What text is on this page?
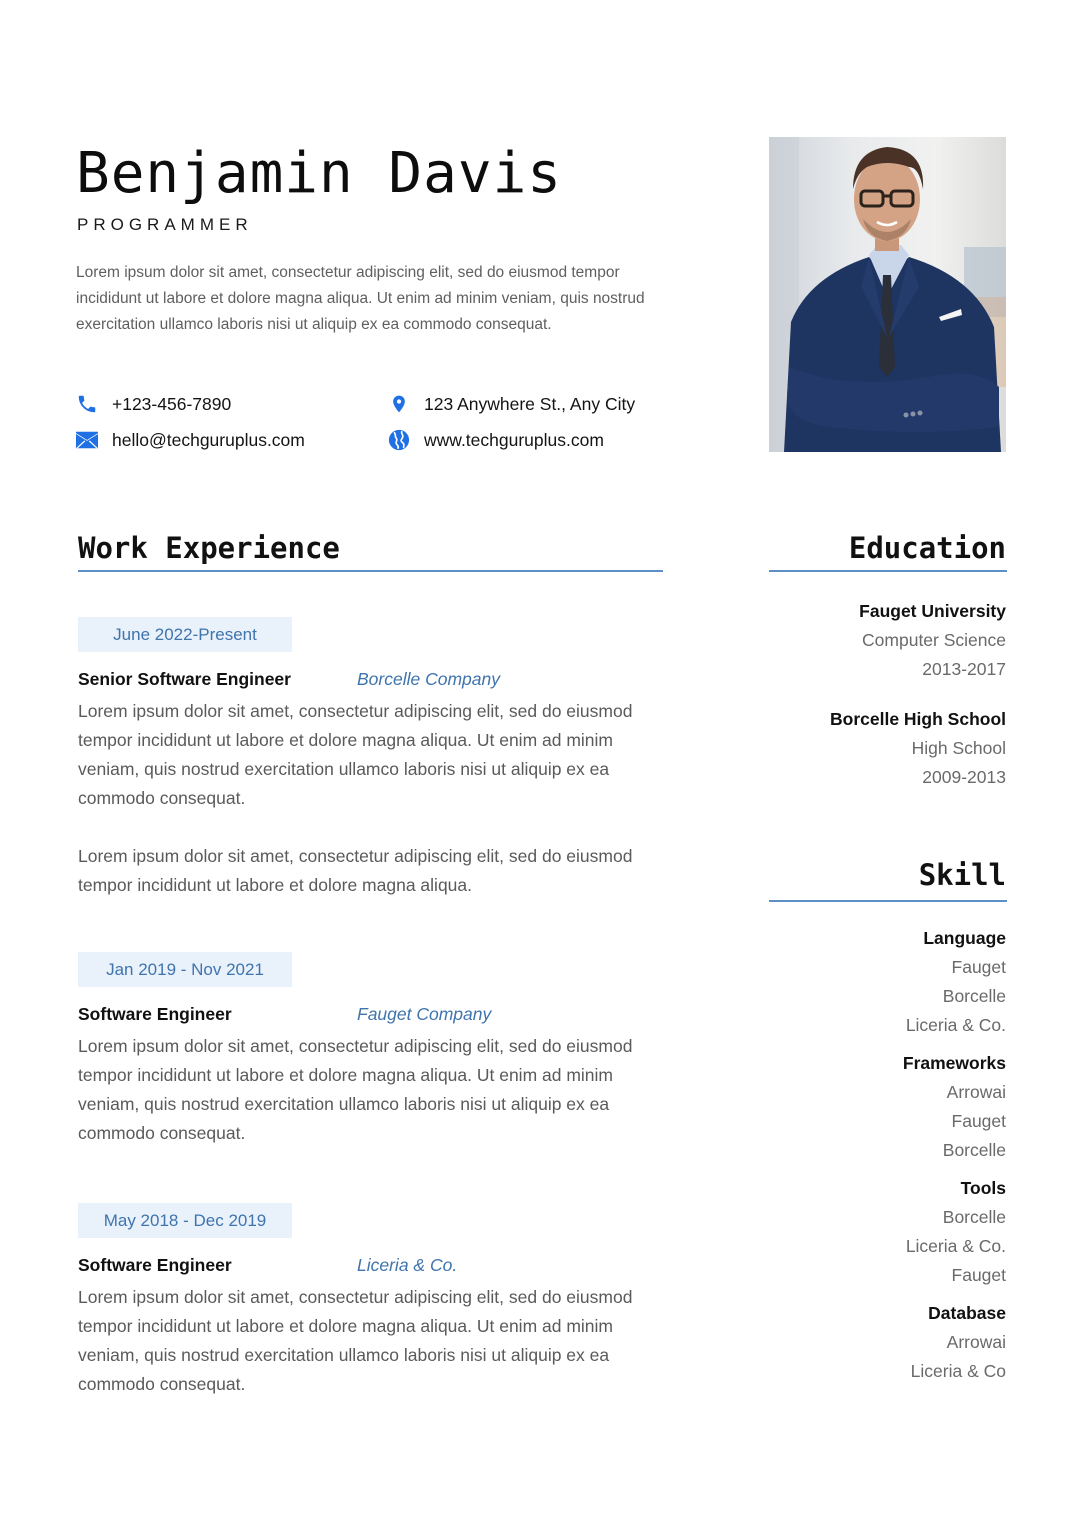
Benjamin Davis
PROGRAMMER

Lorem ipsum dolor sit amet, consectetur adipiscing elit, sed do eiusmod tempor incididunt ut labore et dolore magna aliqua. Ut enim ad minim veniam, quis nostrud exercitation ullamco laboris nisi ut aliquip ex ea commodo consequat.

+123-456-7890
hello@techguruplus.com
123 Anywhere St., Any City
www.techguruplus.com
Work Experience	Education
Skill
June 2022-Present
Senior Software Engineer	Borcelle Company

Lorem ipsum dolor sit amet, consectetur adipiscing elit, sed do eiusmod tempor incididunt ut labore et dolore magna aliqua. Ut enim ad minim veniam, quis nostrud exercitation ullamco laboris nisi ut aliquip ex ea commodo consequat.

Lorem ipsum dolor sit amet, consectetur adipiscing elit, sed do eiusmod tempor incididunt ut labore et dolore magna aliqua.

Jan 2019 - Nov 2021
Software Engineer	Fauget Company

Lorem ipsum dolor sit amet, consectetur adipiscing elit, sed do eiusmod tempor incididunt ut labore et dolore magna aliqua. Ut enim ad minim veniam, quis nostrud exercitation ullamco laboris nisi ut aliquip ex ea commodo consequat.

May 2018 - Dec 2019
Software Engineer	Liceria & Co.

Lorem ipsum dolor sit amet, consectetur adipiscing elit, sed do eiusmod tempor incididunt ut labore et dolore magna aliqua. Ut enim ad minim veniam, quis nostrud exercitation ullamco laboris nisi ut aliquip ex ea commodo consequat.

Fauget University
Computer Science
2013-2017
Borcelle High School
High School
2009-2013
Language
Fauget
Borcelle
Liceria & Co.
Frameworks
Arrowai
Fauget
Borcelle
Tools
Borcelle
Liceria & Co.
Fauget
Database
Arrowai
Liceria & Co
